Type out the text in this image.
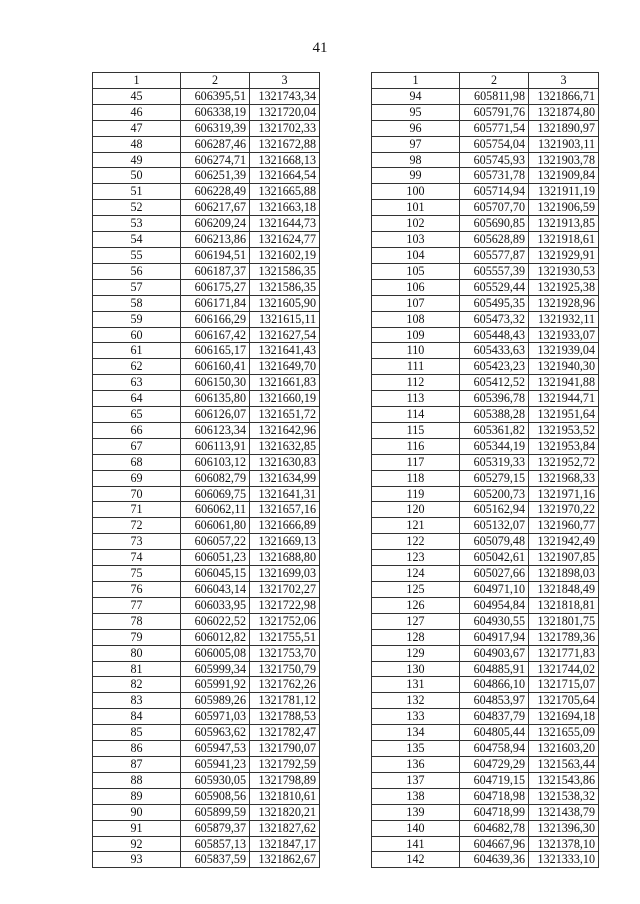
41
1	2	3
45	606395,51	1321743,34
46	606338,19	1321720,04
47	606319,39	1321702,33
48	606287,46	1321672,88
49	606274,71	1321668,13
50	606251,39	1321664,54
51	606228,49	1321665,88
52	606217,67	1321663,18
53	606209,24	1321644,73
54	606213,86	1321624,77
55	606194,51	1321602,19
56	606187,37	1321586,35
57	606175,27	1321586,35
58	606171,84	1321605,90
59	606166,29	1321615,11
60	606167,42	1321627,54
61	606165,17	1321641,43
62	606160,41	1321649,70
63	606150,30	1321661,83
64	606135,80	1321660,19
65	606126,07	1321651,72
66	606123,34	1321642,96
67	606113,91	1321632,85
68	606103,12	1321630,83
69	606082,79	1321634,99
70	606069,75	1321641,31
71	606062,11	1321657,16
72	606061,80	1321666,89
73	606057,22	1321669,13
74	606051,23	1321688,80
75	606045,15	1321699,03
76	606043,14	1321702,27
77	606033,95	1321722,98
78	606022,52	1321752,06
79	606012,82	1321755,51
80	606005,08	1321753,70
81	605999,34	1321750,79
82	605991,92	1321762,26
83	605989,26	1321781,12
84	605971,03	1321788,53
85	605963,62	1321782,47
86	605947,53	1321790,07
87	605941,23	1321792,59
88	605930,05	1321798,89
89	605908,56	1321810,61
90	605899,59	1321820,21
91	605879,37	1321827,62
92	605857,13	1321847,17
93	605837,59	1321862,67
1	2	3
94	605811,98	1321866,71
95	605791,76	1321874,80
96	605771,54	1321890,97
97	605754,04	1321903,11
98	605745,93	1321903,78
99	605731,78	1321909,84
100	605714,94	1321911,19
101	605707,70	1321906,59
102	605690,85	1321913,85
103	605628,89	1321918,61
104	605577,87	1321929,91
105	605557,39	1321930,53
106	605529,44	1321925,38
107	605495,35	1321928,96
108	605473,32	1321932,11
109	605448,43	1321933,07
110	605433,63	1321939,04
111	605423,23	1321940,30
112	605412,52	1321941,88
113	605396,78	1321944,71
114	605388,28	1321951,64
115	605361,82	1321953,52
116	605344,19	1321953,84
117	605319,33	1321952,72
118	605279,15	1321968,33
119	605200,73	1321971,16
120	605162,94	1321970,22
121	605132,07	1321960,77
122	605079,48	1321942,49
123	605042,61	1321907,85
124	605027,66	1321898,03
125	604971,10	1321848,49
126	604954,84	1321818,81
127	604930,55	1321801,75
128	604917,94	1321789,36
129	604903,67	1321771,83
130	604885,91	1321744,02
131	604866,10	1321715,07
132	604853,97	1321705,64
133	604837,79	1321694,18
134	604805,44	1321655,09
135	604758,94	1321603,20
136	604729,29	1321563,44
137	604719,15	1321543,86
138	604718,98	1321538,32
139	604718,99	1321438,79
140	604682,78	1321396,30
141	604667,96	1321378,10
142	604639,36	1321333,10
